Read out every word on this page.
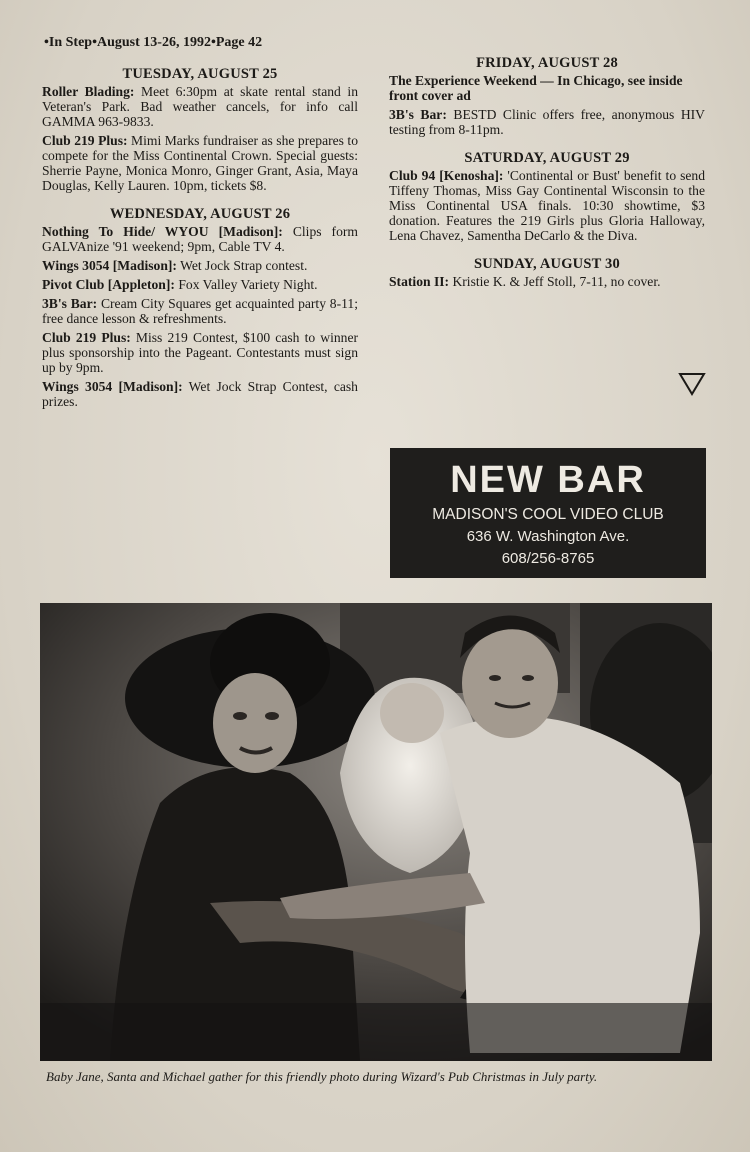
•In Step•August 13-26, 1992•Page 42
TUESDAY, AUGUST 25

Roller Blading: Meet 6:30pm at skate rental stand in Veteran's Park. Bad weather cancels, for info call GAMMA 963-9833.

Club 219 Plus: Mimi Marks fundraiser as she prepares to compete for the Miss Continental Crown. Special guests: Sherrie Payne, Monica Monro, Ginger Grant, Asia, Maya Douglas, Kelly Lauren. 10pm, tickets $8.

WEDNESDAY, AUGUST 26

Nothing To Hide/ WYOU [Madison]: Clips form GALVAnize '91 weekend; 9pm, Cable TV 4.

Wings 3054 [Madison]: Wet Jock Strap contest.

Pivot Club [Appleton]: Fox Valley Variety Night.

3B's Bar: Cream City Squares get acquainted party 8-11; free dance lesson & refreshments.

Club 219 Plus: Miss 219 Contest, $100 cash to winner plus sponsorship into the Pageant. Contestants must sign up by 9pm.

Wings 3054 [Madison]: Wet Jock Strap Contest, cash prizes.

FRIDAY, AUGUST 28

The Experience Weekend — In Chicago, see inside front cover ad

3B's Bar: BESTD Clinic offers free, anonymous HIV testing from 8-11pm.

SATURDAY, AUGUST 29

Club 94 [Kenosha]: 'Continental or Bust' benefit to send Tiffeny Thomas, Miss Gay Continental Wisconsin to the Miss Continental USA finals. 10:30 showtime, $3 donation. Features the 219 Girls plus Gloria Halloway, Lena Chavez, Samentha DeCarlo & the Diva.

SUNDAY, AUGUST 30

Station II: Kristie K. & Jeff Stoll, 7-11, no cover.

NEW BAR
MADISON'S COOL VIDEO CLUB
636 W. Washington Ave.
608/256-8765
Baby Jane, Santa and Michael gather for this friendly photo during Wizard's Pub Christmas in July party.
